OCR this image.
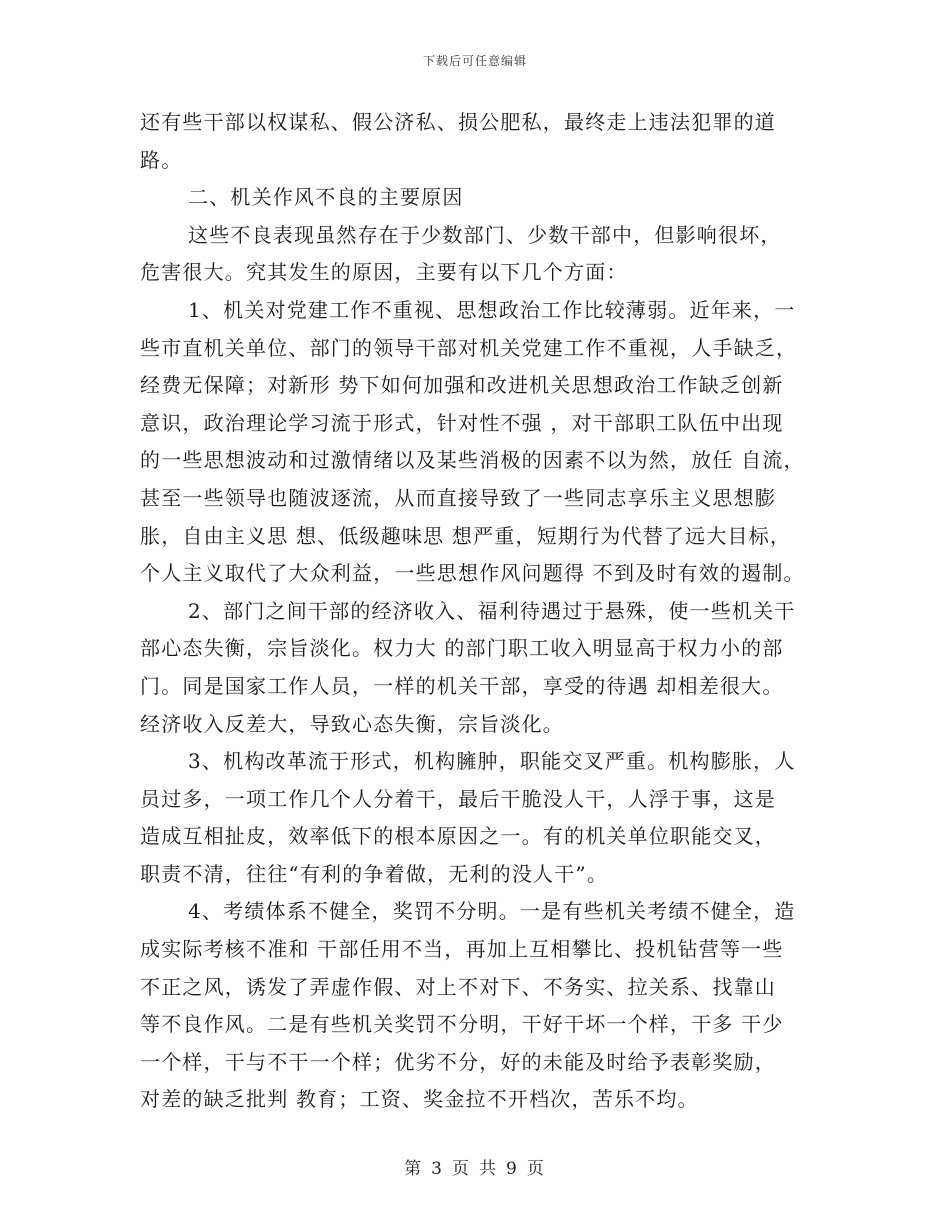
下载后可任意编辑
还有些干部以权谋私、假公济私、损公肥私，最终走上违法犯罪的道
路。
二、机关作风不良的主要原因
这些不良表现虽然存在于少数部门、少数干部中，但影响很坏，
危害很大。究其发生的原因，主要有以下几个方面：
1、机关对党建工作不重视、思想政治工作比较薄弱。近年来，一
些市直机关单位、部门的领导干部对机关党建工作不重视，人手缺乏，
经费无保障；对新形 势下如何加强和改进机关思想政治工作缺乏创新
意识，政治理论学习流于形式，针对性不强 ，对干部职工队伍中出现
的一些思想波动和过激情绪以及某些消极的因素不以为然，放任 自流，
甚至一些领导也随波逐流，从而直接导致了一些同志享乐主义思想膨
胀，自由主义思 想、低级趣味思 想严重，短期行为代替了远大目标，
个人主义取代了大众利益，一些思想作风问题得 不到及时有效的遏制。
2、部门之间干部的经济收入、福利待遇过于悬殊，使一些机关干
部心态失衡，宗旨淡化。权力大 的部门职工收入明显高于权力小的部
门。同是国家工作人员，一样的机关干部，享受的待遇 却相差很大。
经济收入反差大，导致心态失衡，宗旨淡化。
3、机构改革流于形式，机构臃肿，职能交叉严重。机构膨胀，人
员过多，一项工作几个人分着干，最后干脆没人干，人浮于事，这是
造成互相扯皮，效率低下的根本原因之一。有的机关单位职能交叉，
职责不清，往往“有利的争着做，无利的没人干”。
4、考绩体系不健全，奖罚不分明。一是有些机关考绩不健全，造
成实际考核不准和 干部任用不当，再加上互相攀比、投机钻营等一些
不正之风，诱发了弄虚作假、对上不对下、不务实、拉关系、找靠山
等不良作风。二是有些机关奖罚不分明，干好干坏一个样，干多 干少
一个样，干与不干一个样；优劣不分，好的未能及时给予表彰奖励，
对差的缺乏批判 教育；工资、奖金拉不开档次，苦乐不均。
第 3 页 共 9 页
